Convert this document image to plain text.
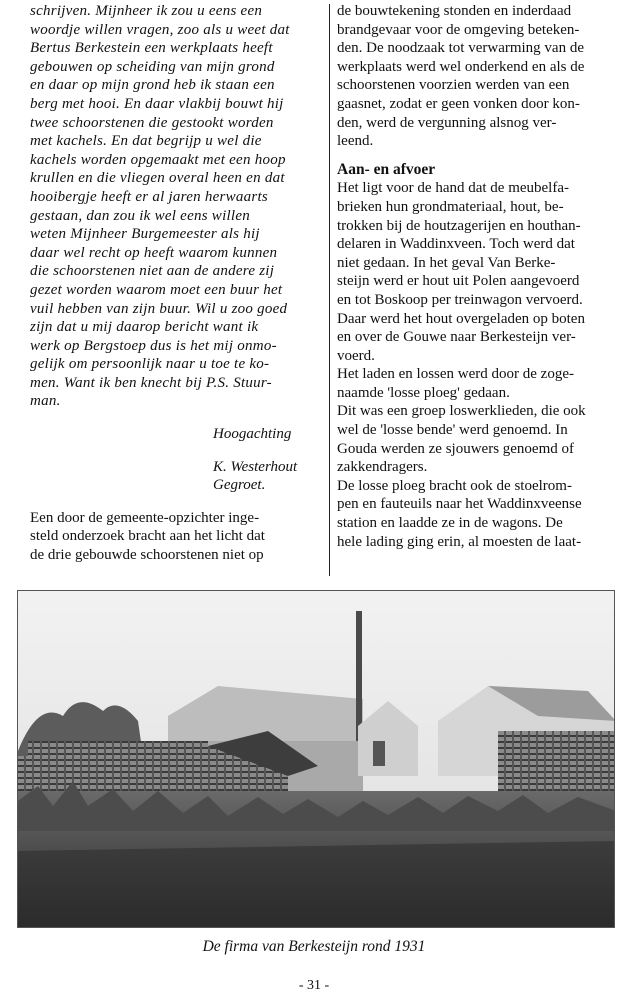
schrijven. Mijnheer ik zou u eens een
woordje willen vragen, zoo als u weet dat
Bertus Berkestein een werkplaats heeft
gebouwen op scheiding van mijn grond
en daar op mijn grond heb ik staan een
berg met hooi. En daar vlakbij bouwt hij
twee schoorstenen die gestookt worden
met kachels. En dat begrijp u wel die
kachels worden opgemaakt met een hoop
krullen en die vliegen overal heen en dat
hooibergje heeft er al jaren herwaarts
gestaan, dan zou ik wel eens willen
weten Mijnheer Burgemeester als hij
daar wel recht op heeft waarom kunnen
die schoorstenen niet aan de andere zij
gezet worden waarom moet een buur het
vuil hebben van zijn buur. Wil u zoo goed
zijn dat u mij daarop bericht want ik
werk op Bergstoep dus is het mij onmo-
gelijk om persoonlijk naar u toe te ko-
men. Want ik ben knecht bij P.S. Stuur-
man.
Hoogachting
K. Westerhout
Gegroet.
Een door de gemeente-opzichter inge-
steld onderzoek bracht aan het licht dat
de drie gebouwde schoorstenen niet op
de bouwtekening stonden en inderdaad
brandgevaar voor de omgeving beteken-
den. De noodzaak tot verwarming van de
werkplaats werd wel onderkend en als de
schoorstenen voorzien werden van een
gaasnet, zodat er geen vonken door kon-
den, werd de vergunning alsnog ver-
leend.
Aan- en afvoer
Het ligt voor de hand dat de meubelfa-
brieken hun grondmateriaal, hout, be-
trokken bij de houtzagerijen en houthan-
delaren in Waddinxveen. Toch werd dat
niet gedaan. In het geval Van Berke-
steijn werd er hout uit Polen aangevoerd
en tot Boskoop per treinwagon vervoerd.
Daar werd het hout overgeladen op boten
en over de Gouwe naar Berkesteijn ver-
voerd.
Het laden en lossen werd door de zoge-
naamde 'losse ploeg' gedaan.
Dit was een groep loswerklieden, die ook
wel de 'losse bende' werd genoemd. In
Gouda werden ze sjouwers genoemd of
zakkendragers.
De losse ploeg bracht ook de stoelrom-
pen en fauteuils naar het Waddinxveense
station en laadde ze in de wagons. De
hele lading ging erin, al moesten de laat-
De firma van Berkesteijn rond 1931
- 31 -
